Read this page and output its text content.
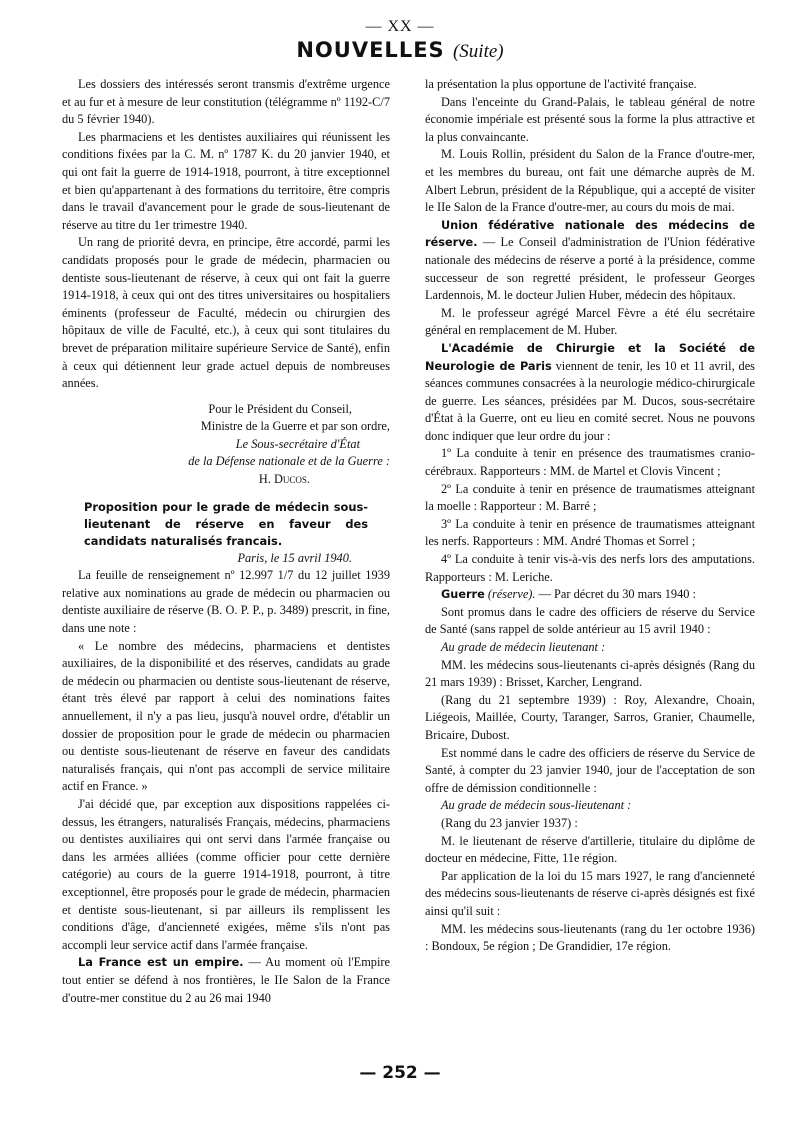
— XX —
NOUVELLES (Suite)

Les dossiers des intéressés seront transmis d'extrême urgence et au fur et à mesure de leur constitution (télégramme nº 1192-C/7 du 5 février 1940).

Les pharmaciens et les dentistes auxiliaires qui réunissent les conditions fixées par la C. M. nº 1787 K. du 20 janvier 1940, et qui ont fait la guerre de 1914-1918, pourront, à titre exceptionnel et bien qu'appartenant à des formations du territoire, être compris dans le travail d'avancement pour le grade de sous-lieutenant de réserve au titre du 1er trimestre 1940.

Un rang de priorité devra, en principe, être accordé, parmi les candidats proposés pour le grade de médecin, pharmacien ou dentiste sous-lieutenant de réserve, à ceux qui ont fait la guerre 1914-1918, à ceux qui ont des titres universitaires ou hospitaliers éminents (professeur de Faculté, médecin ou chirurgien des hôpitaux de ville de Faculté, etc.), à ceux qui sont titulaires du brevet de préparation militaire supérieure Service de Santé), enfin à ceux qui détiennent leur grade actuel depuis de nombreuses années.

Pour le Président du Conseil,

Ministre de la Guerre et par son ordre,

Le Sous-secrétaire d'État

de la Défense nationale et de la Guerre :

H. Ducos.

Proposition pour le grade de médecin sous-lieutenant de réserve en faveur des candidats naturalisés francais.

Paris, le 15 avril 1940.

La feuille de renseignement nº 12.997 1/7 du 12 juillet 1939 relative aux nominations au grade de médecin ou pharmacien ou dentiste auxiliaire de réserve (B. O. P. P., p. 3489) prescrit, in fine, dans une note :

« Le nombre des médecins, pharmaciens et dentistes auxiliaires, de la disponibilité et des réserves, candidats au grade de médecin ou pharmacien ou dentiste sous-lieutenant de réserve, étant très élevé par rapport à celui des nominations faites annuellement, il n'y a pas lieu, jusqu'à nouvel ordre, d'établir un dossier de proposition pour le grade de médecin ou pharmacien ou dentiste sous-lieutenant de réserve en faveur des candidats naturalisés français, qui n'ont pas accompli de service militaire actif en France. »

J'ai décidé que, par exception aux dispositions rappelées ci-dessus, les étrangers, naturalisés Français, médecins, pharmaciens ou dentistes auxiliaires qui ont servi dans l'armée française ou dans les armées alliées (comme officier pour cette dernière catégorie) au cours de la guerre 1914-1918, pourront, à titre exceptionnel, être proposés pour le grade de médecin, pharmacien et dentiste sous-lieutenant, si par ailleurs ils remplissent les conditions d'âge, d'ancienneté exigées, même s'ils n'ont pas accompli leur service actif dans l'armée française.

La France est un empire. — Au moment où l'Empire tout entier se défend à nos frontières, le IIe Salon de la France d'outre-mer constitue du 2 au 26 mai 1940

la présentation la plus opportune de l'activité française.

Dans l'enceinte du Grand-Palais, le tableau général de notre économie impériale est présenté sous la forme la plus attractive et la plus convaincante.

M. Louis Rollin, président du Salon de la France d'outre-mer, et les membres du bureau, ont fait une démarche auprès de M. Albert Lebrun, président de la République, qui a accepté de visiter le IIe Salon de la France d'outre-mer, au cours du mois de mai.

Union fédérative nationale des médecins de réserve. — Le Conseil d'administration de l'Union fédérative nationale des médecins de réserve a porté à la présidence, comme successeur de son regretté président, le professeur Georges Lardennois, M. le docteur Julien Huber, médecin des hôpitaux.

M. le professeur agrégé Marcel Fèvre a été élu secrétaire général en remplacement de M. Huber.

L'Académie de Chirurgie et la Société de Neurologie de Paris viennent de tenir, les 10 et 11 avril, des séances communes consacrées à la neurologie médico-chirurgicale de guerre. Les séances, présidées par M. Ducos, sous-secrétaire d'État à la Guerre, ont eu lieu en comité secret. Nous ne pouvons donc indiquer que leur ordre du jour :

1º La conduite à tenir en présence des traumatismes cranio-cérébraux. Rapporteurs : MM. de Martel et Clovis Vincent ;

2º La conduite à tenir en présence de traumatismes atteignant la moelle : Rapporteur : M. Barré ;

3º La conduite à tenir en présence de traumatismes atteignant les nerfs. Rapporteurs : MM. André Thomas et Sorrel ;

4º La conduite à tenir vis-à-vis des nerfs lors des amputations. Rapporteurs : M. Leriche.

Guerre (réserve). — Par décret du 30 mars 1940 :

Sont promus dans le cadre des officiers de réserve du Service de Santé (sans rappel de solde antérieur au 15 avril 1940 :

Au grade de médecin lieutenant :

MM. les médecins sous-lieutenants ci-après désignés (Rang du 21 mars 1939) : Brisset, Karcher, Lengrand.

(Rang du 21 septembre 1939) : Roy, Alexandre, Choain, Liégeois, Maillée, Courty, Taranger, Sarros, Granier, Chaumelle, Bricaire, Dubost.

Est nommé dans le cadre des officiers de réserve du Service de Santé, à compter du 23 janvier 1940, jour de l'acceptation de son offre de démission conditionnelle :

Au grade de médecin sous-lieutenant :

(Rang du 23 janvier 1937) :

M. le lieutenant de réserve d'artillerie, titulaire du diplôme de docteur en médecine, Fitte, 11e région.

Par application de la loi du 15 mars 1927, le rang d'ancienneté des médecins sous-lieutenants de réserve ci-après désignés est fixé ainsi qu'il suit :

MM. les médecins sous-lieutenants (rang du 1er octobre 1936) : Bondoux, 5e région ; De Grandidier, 17e région.

— 252 —
